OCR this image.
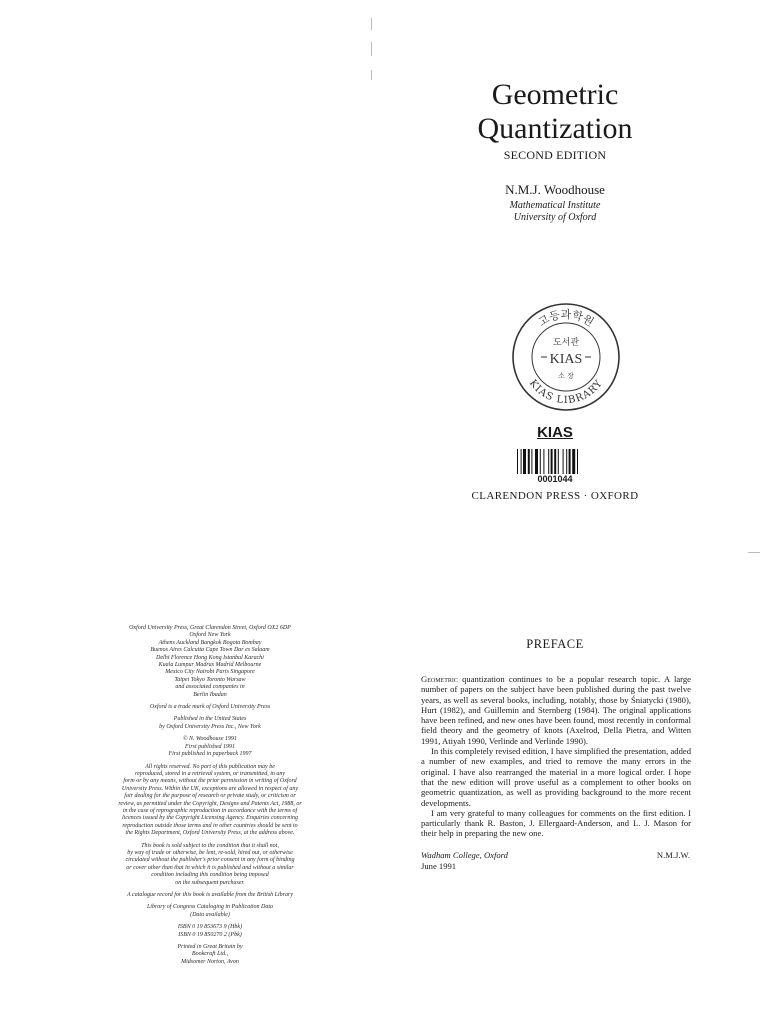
Geometric
Quantization
SECOND EDITION
N.M.J. Woodhouse
Mathematical Institute
University of Oxford
고등과학원
KIAS LIBRARY
도서관
KIAS
소 장
KIAS
0001044
CLARENDON PRESS · OXFORD
Oxford University Press, Great Clarendon Street, Oxford OX2 6DP
Oxford New York
Athens Auckland Bangkok Bogota Bombay
Buenos Aires Calcutta Cape Town Dar es Salaam
Delhi Florence Hong Kong Istanbul Karachi
Kuala Lumpur Madras Madrid Melbourne
Mexico City Nairobi Paris Singapore
Taipei Tokyo Toronto Warsaw
and associated companies in
Berlin Ibadan
Oxford is a trade mark of Oxford University Press
Published in the United States
by Oxford University Press Inc., New York
© N. Woodhouse 1991
First published 1991
First published in paperback 1997
All rights reserved. No part of this publication may be
reproduced, stored in a retrieval system, or transmitted, in any
form or by any means, without the prior permission in writing of Oxford
University Press. Within the UK, exceptions are allowed in respect of any
fair dealing for the purpose of research or private study, or criticism or
review, as permitted under the Copyright, Designs and Patents Act, 1988, or
in the case of reprographic reproduction in accordance with the terms of
licences issued by the Copyright Licensing Agency. Enquiries concerning
reproduction outside those terms and in other countries should be sent to
the Rights Department, Oxford University Press, at the address above.
This book is sold subject to the condition that it shall not,
by way of trade or otherwise, be lent, re-sold, hired out, or otherwise
circulated without the publisher's prior consent in any form of binding
or cover other than that in which it is published and without a similar
condition including this condition being imposed
on the subsequent purchaser.
A catalogue record for this book is available from the British Library
Library of Congress Cataloging in Publication Data
(Data available)
ISBN 0 19 853673 9 (Hbk)
ISBN 0 19 850270 2 (Pbk)
Printed in Great Britain by
Bookcraft Ltd.,
Midsomer Norton, Avon
PREFACE

Geometric quantization continues to be a popular research topic. A large number of papers on the subject have been published during the past twelve years, as well as several books, including, notably, those by Śniatycki (1980), Hurt (1982), and Guillemin and Sternberg (1984). The original applications have been refined, and new ones have been found, most recently in conformal field theory and the geometry of knots (Axelrod, Della Pietra, and Witten 1991, Atiyah 1990, Verlinde and Verlinde 1990).

In this completely revised edition, I have simplified the presentation, added a number of new examples, and tried to remove the many errors in the original. I have also rearranged the material in a more logical order. I hope that the new edition will prove useful as a complement to other books on geometric quantization, as well as providing background to the more recent developments.

I am very grateful to many colleagues for comments on the first edition. I particularly thank R. Baston, J. Ellergaard-Anderson, and L. J. Mason for their help in preparing the new one.

Wadham College, Oxford
June 1991
N.M.J.W.
